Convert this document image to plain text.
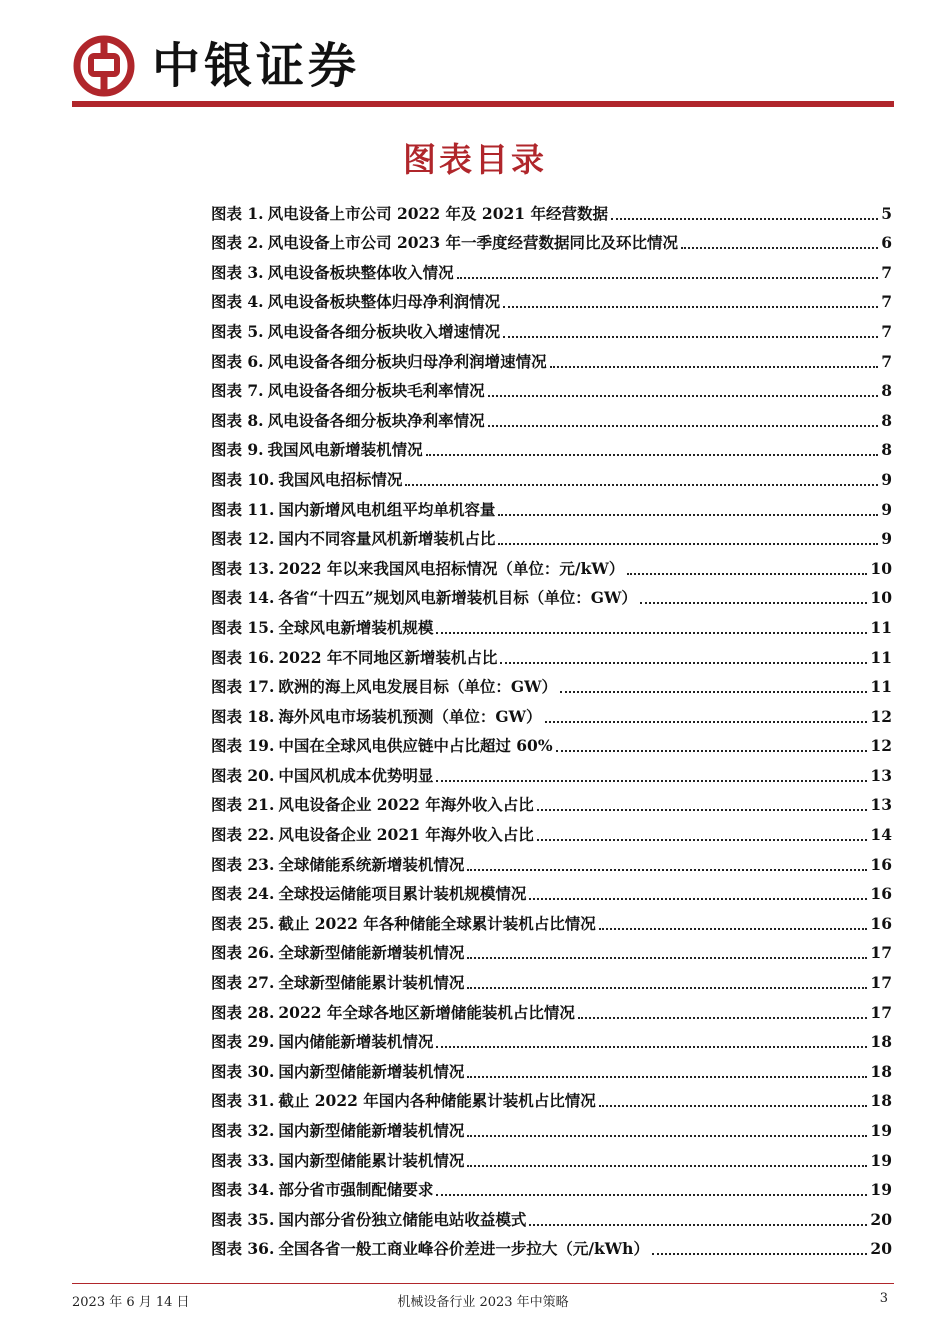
中银证券
图表目录
图表 1. 风电设备上市公司 2022 年及 2021 年经营数据	5
图表 2. 风电设备上市公司 2023 年一季度经营数据同比及环比情况	6
图表 3. 风电设备板块整体收入情况	7
图表 4. 风电设备板块整体归母净利润情况	7
图表 5. 风电设备各细分板块收入增速情况	7
图表 6. 风电设备各细分板块归母净利润增速情况	7
图表 7. 风电设备各细分板块毛利率情况	8
图表 8. 风电设备各细分板块净利率情况	8
图表 9. 我国风电新增装机情况	8
图表 10. 我国风电招标情况	9
图表 11. 国内新增风电机组平均单机容量	9
图表 12. 国内不同容量风机新增装机占比	9
图表 13. 2022 年以来我国风电招标情况（单位：元/kW）	10
图表 14. 各省“十四五”规划风电新增装机目标（单位：GW）	10
图表 15. 全球风电新增装机规模	11
图表 16. 2022 年不同地区新增装机占比	11
图表 17. 欧洲的海上风电发展目标（单位：GW）	11
图表 18. 海外风电市场装机预测（单位：GW）	12
图表 19. 中国在全球风电供应链中占比超过 60%	12
图表 20. 中国风机成本优势明显	13
图表 21. 风电设备企业 2022 年海外收入占比	13
图表 22. 风电设备企业 2021 年海外收入占比	14
图表 23. 全球储能系统新增装机情况	16
图表 24. 全球投运储能项目累计装机规模情况	16
图表 25. 截止 2022 年各种储能全球累计装机占比情况	16
图表 26. 全球新型储能新增装机情况	17
图表 27. 全球新型储能累计装机情况	17
图表 28. 2022 年全球各地区新增储能装机占比情况	17
图表 29. 国内储能新增装机情况	18
图表 30. 国内新型储能新增装机情况	18
图表 31. 截止 2022 年国内各种储能累计装机占比情况	18
图表 32. 国内新型储能新增装机情况	19
图表 33. 国内新型储能累计装机情况	19
图表 34. 部分省市强制配储要求	19
图表 35. 国内部分省份独立储能电站收益模式	20
图表 36. 全国各省一般工商业峰谷价差进一步拉大（元/kWh）	20
2023 年 6 月 14 日	机械设备行业 2023 年中策略	3
